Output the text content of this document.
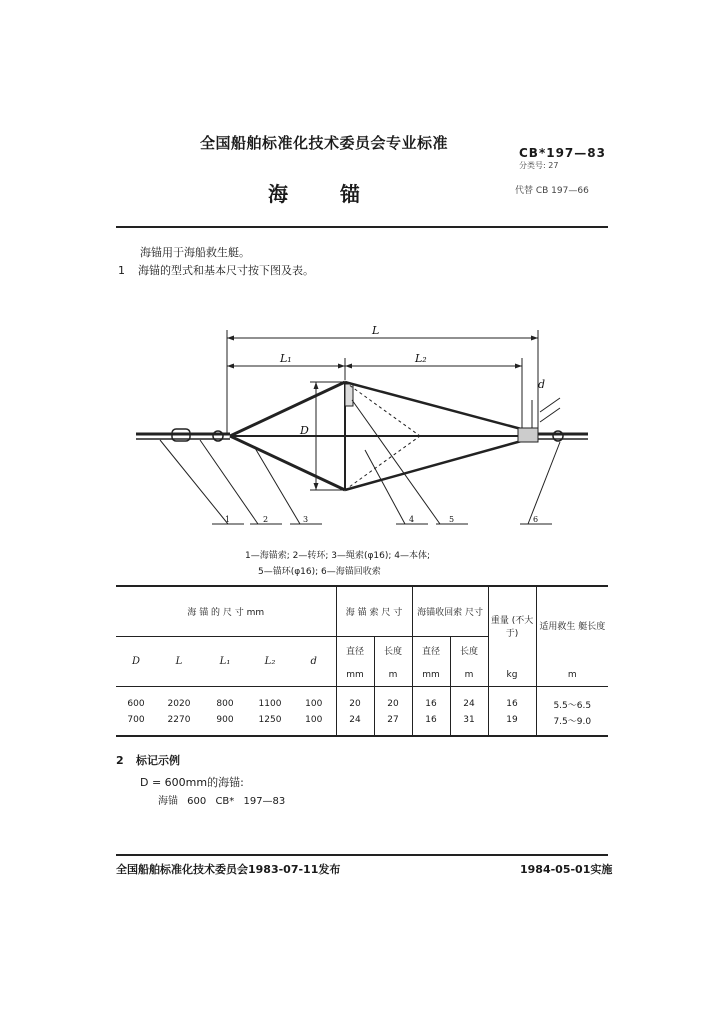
全国船舶标准化技术委员会专业标准
CB*197—83
分类号: 27
海锚	代替 CB 197—66
海锚用于海船救生艇。
1 海锚的型式和基本尺寸按下图及表。
L
L₁	L₂
D
d
1	2	3	4	5	6
1—海锚索; 2—转环; 3—绳索(φ16); 4—本体;
5—锚环(φ16); 6—海锚回收索
海 锚 的 尺 寸 mm					海 锚 索 尺 寸		海锚收回索 尺寸		重量 (不大于)	适用救生 艇长度
D	L	L₁	L₂	d	直径	长度	直径	长度		
					mm	m	mm	m	kg	m

600	2020	800	1100	100	20	20	16	24	16	5.5～6.5
700	2270	900	1250	100	24	27	16	31	19	7.5～9.0

2 标记示例
D = 600mm的海锚:
海锚 600 CB* 197—83
全国船舶标准化技术委员会1983-07-11发布	1984-05-01实施
